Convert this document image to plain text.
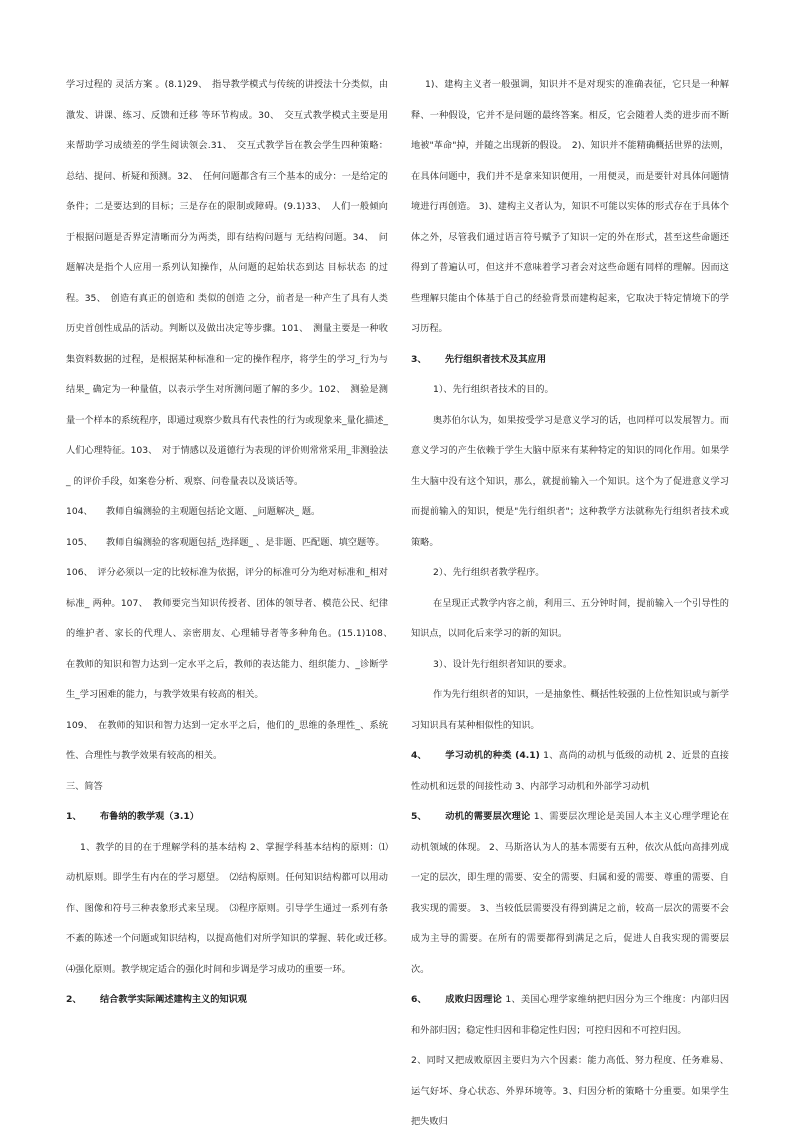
学习过程的 灵活方案 。(8.1)29、　指导教学模式与传统的讲授法十分类似，由激发、讲课、练习、反馈和迁移 等环节构成。30、　交互式教学模式主要是用来帮助学习成绩差的学生阅读领会.31、　交互式教学旨在教会学生四种策略：总结、提问、析疑和预测。32、　任何问题都含有三个基本的成分：一是给定的条件；二是要达到的目标；三是存在的限制或障碍。(9.1)33、　人们一般倾向于根据问题是否界定清晰而分为两类，即有结构问题与 无结构问题。34、　问题解决是指个人应用一系列认知操作，从问题的起始状态到达 目标状态 的过程。35、　创造有真正的创造和 类似的创造 之分，前者是一种产生了具有人类历史首创性成品的活动。判断以及做出决定等步骤。101、　测量主要是一种收集资料数据的过程，是根据某种标准和一定的操作程序，将学生的学习_行为与结果_ 确定为一种量值，以表示学生对所测问题了解的多少。102、　测验是测量一个样本的系统程序，即通过观察少数具有代表性的行为或现象来_量化描述_ 人们心理特征。103、　对于情感以及道德行为表现的评价则常常采用_非测验法_ 的评价手段，如案卷分析、观察、问卷量表以及谈话等。

104、 教师自编测验的主观题包括论文题、_问题解决_ 题。

105、 教师自编测验的客观题包括_选择题_ 、是非题、匹配题、填空题等。

106、　评分必须以一定的比较标准为依据，评分的标准可分为绝对标准和_相对标准_ 两种。107、　教师要完当知识传授者、团体的领导者、模范公民、纪律的维护者、家长的代理人、亲密朋友、心理辅导者等多种角色。(15.1)108、　在教师的知识和智力达到一定水平之后，教师的表达能力、组织能力、_诊断学生_学习困难的能力，与教学效果有较高的相关。

109、　在教师的知识和智力达到一定水平之后，他们的_思维的条理性_、系统性、合理性与教学效果有较高的相关。

三、简答

1、 布鲁纳的教学观（3.1）

1、教学的目的在于理解学科的基本结构 2、掌握学科基本结构的原则：⑴动机原则。即学生有内在的学习愿望。　⑵结构原则。任何知识结构都可以用动作、图像和符号三种表象形式来呈现。　⑶程序原则。引导学生通过一系列有条不紊的陈述一个问题或知识结构，以提高他们对所学知识的掌握、转化或迁移。　⑷强化原则。教学规定适合的强化时间和步调是学习成功的重要一环。

2、 结合教学实际阐述建构主义的知识观

1)、建构主义者一般强调，知识并不是对现实的准确表征，它只是一种解释、一种假设，它并不是问题的最终答案。相反，它会随着人类的进步而不断地被"革命"掉，并随之出现新的假设。　2)、知识并不能精确概括世界的法则，在具体问题中，我们并不是拿来知识便用，一用便灵，而是要针对具体问题情境进行再创造。 3)、建构主义者认为，知识不可能以实体的形式存在于具体个体之外，尽管我们通过语言符号赋予了知识一定的外在形式，甚至这些命题还得到了普遍认可，但这并不意味着学习者会对这些命题有同样的理解。因而这些理解只能由个体基于自己的经验背景而建构起来，它取决于特定情境下的学习历程。

3、 先行组织者技术及其应用

1）、先行组织者技术的目的。

奥苏伯尔认为，如果按受学习是意义学习的话，也同样可以发展智力。而意义学习的产生依赖于学生大脑中原来有某种特定的知识的同化作用。如果学生大脑中没有这个知识，那么，就提前输入一个知识。这个为了促进意义学习而提前输入的知识，便是"先行组织者"；这种教学方法就称先行组织者技术或策略。

2）、先行组织者教学程序。

在呈现正式教学内容之前，利用三、五分钟时间，提前输入一个引导性的知识点，以同化后来学习的新的知识。

3）、设计先行组织者知识的要求。

作为先行组织者的知识，一是抽象性、概括性较强的上位性知识或与新学习知识具有某种相似性的知识。

4、 学习动机的种类 (4.1) 1、高尚的动机与低级的动机 2、近景的直接性动机和远景的间接性动 3、内部学习动机和外部学习动机

5、 动机的需要层次理论 1、需要层次理论是美国人本主义心理学理论在动机领域的体现。 2、马斯洛认为人的基本需要有五种，依次从低向高排列成一定的层次，即生理的需要、安全的需要、归属和爱的需要、尊重的需要、自我实现的需要。 3、当较低层需要没有得到满足之前，较高一层次的需要不会成为主导的需要。在所有的需要都得到满足之后，促进人自我实现的需要层次。

6、 成败归因理论 1、美国心理学家维纳把归因分为三个维度：内部归因和外部归因；稳定性归因和非稳定性归因；可控归因和不可控归因。

2、同时又把成败原因主要归为六个因素：能力高低、努力程度、任务难易、运气好坏、身心状态、外界环境等。3、归因分析的策略十分重要。如果学生把失败归
